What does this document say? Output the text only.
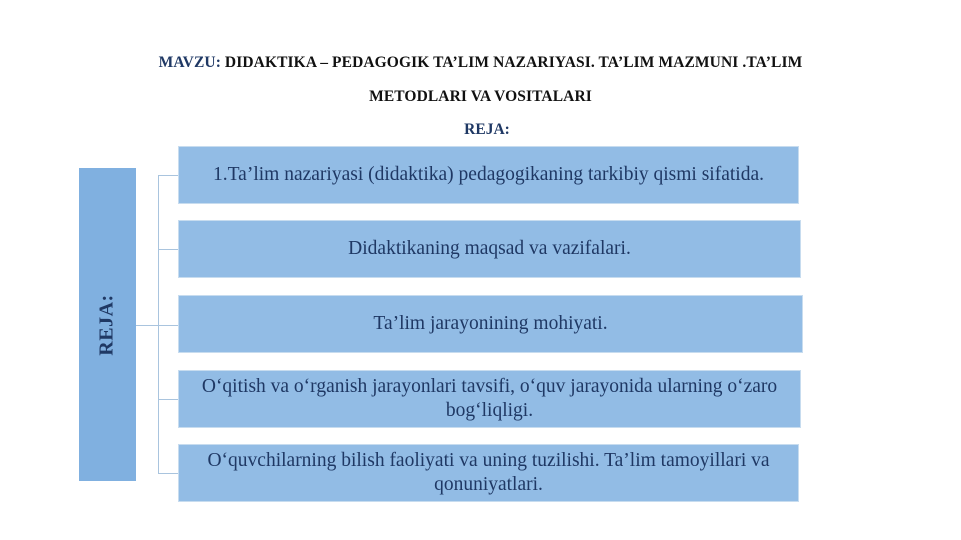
MAVZU: DIDAKTIKA – PEDAGOGIK TA’LIM NAZARIYASI. TA’LIM MAZMUNI .TA’LIM
METODLARI VA VOSITALARI
REJA:
REJA:
1.Ta’lim nazariyasi (didaktika) pedagogikaning tarkibiy qismi sifatida.
Didaktikaning maqsad va vazifalari.
Ta’lim jarayonining mohiyati.
O‘qitish va o‘rganish jarayonlari tavsifi, o‘quv jarayonida ularning o‘zaro bog‘liqligi.
O‘quvchilarning bilish faoliyati va uning tuzilishi. Ta’lim tamoyillari va qonuniyatlari.
